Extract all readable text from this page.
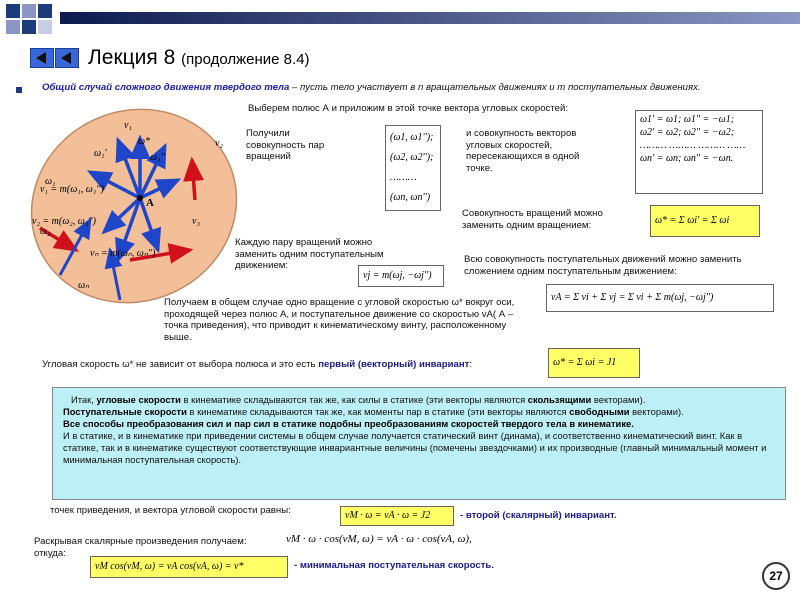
Лекция 8 (продолжение 8.4)
Общий случай сложного движения твердого тела – пусть тело участвует в n вращательных движениях и m поступательных движениях.
A
v₁
ω₁'
ω*
ω₁''
v₂
ω₁
v₁ = m(ω₁, ω₁'')
v₂ = m(ω₂, ω₂'')
ω₂
v₃
vₙ = m(ωₙ, ωₙ'')
ωₙ
Выберем полюс А и приложим в этой точке вектора угловых скоростей:
ω1' = ω1; ω1'' = −ω1;
ω2' = ω2; ω2'' = −ω2;
……… ……… ……… ……
ωn' = ωn; ωn'' = −ωn.
Получили совокупность пар вращений
(ω1, ω1'');
(ω2, ω2'');
………
(ωn, ωn'')
и совокупность векторов угловых скоростей, пересекающихся в одной точке.
Совокупность вращений можно заменить одним вращением:	ω* = Σ ωi' = Σ ωi
Каждую пару вращений можно заменить одним поступательным движением:
vj = m(ωj, −ωj'')
Всю совокупность поступательных движений можно заменить сложением одним поступательным движением:
vA = Σ vi + Σ vj = Σ vi + Σ m(ωj, −ωj'')
Получаем в общем случае одно вращение с угловой скоростью ω* вокруг оси, проходящей через полюс А, и поступательное движение со скоростью vA( А – точка приведения), что приводит к кинематическому винту, расположенному выше.
Угловая скорость ω* не зависит от выбора полюса и это есть первый (векторный) инвариант:	ω* = Σ ωi = J1
Итак, угловые скорости в кинематике складываются так же, как силы в статике (эти векторы являются скользящими векторами).
Поступательные скорости в кинематике складываются так же, как моменты пар в статике (эти векторы являются свободными векторами).
Все способы преобразования сил и пар сил в статике подобны преобразованиям скоростей твердого тела в кинематике.
И в статике, и в кинематике при приведении системы в общем случае получается статический винт (динама), и соответственно кинематический винт. Как в статике, так и в кинематике существуют соответствующие инвариантные величины (помечены звездочками) и их производные (главный минимальный момент и минимальная поступательная скорость).
точек приведения, и вектора угловой скорости равны:	vM · ω = vA · ω = J2	- второй (скалярный) инвариант.
Раскрывая скалярные произведения получаем:	vM · ω · cos(vM, ω) = vA · ω · cos(vA, ω),
откуда:
vM cos(vM, ω) = vA cos(vA, ω) = v*	- минимальная поступательная скорость.
27
